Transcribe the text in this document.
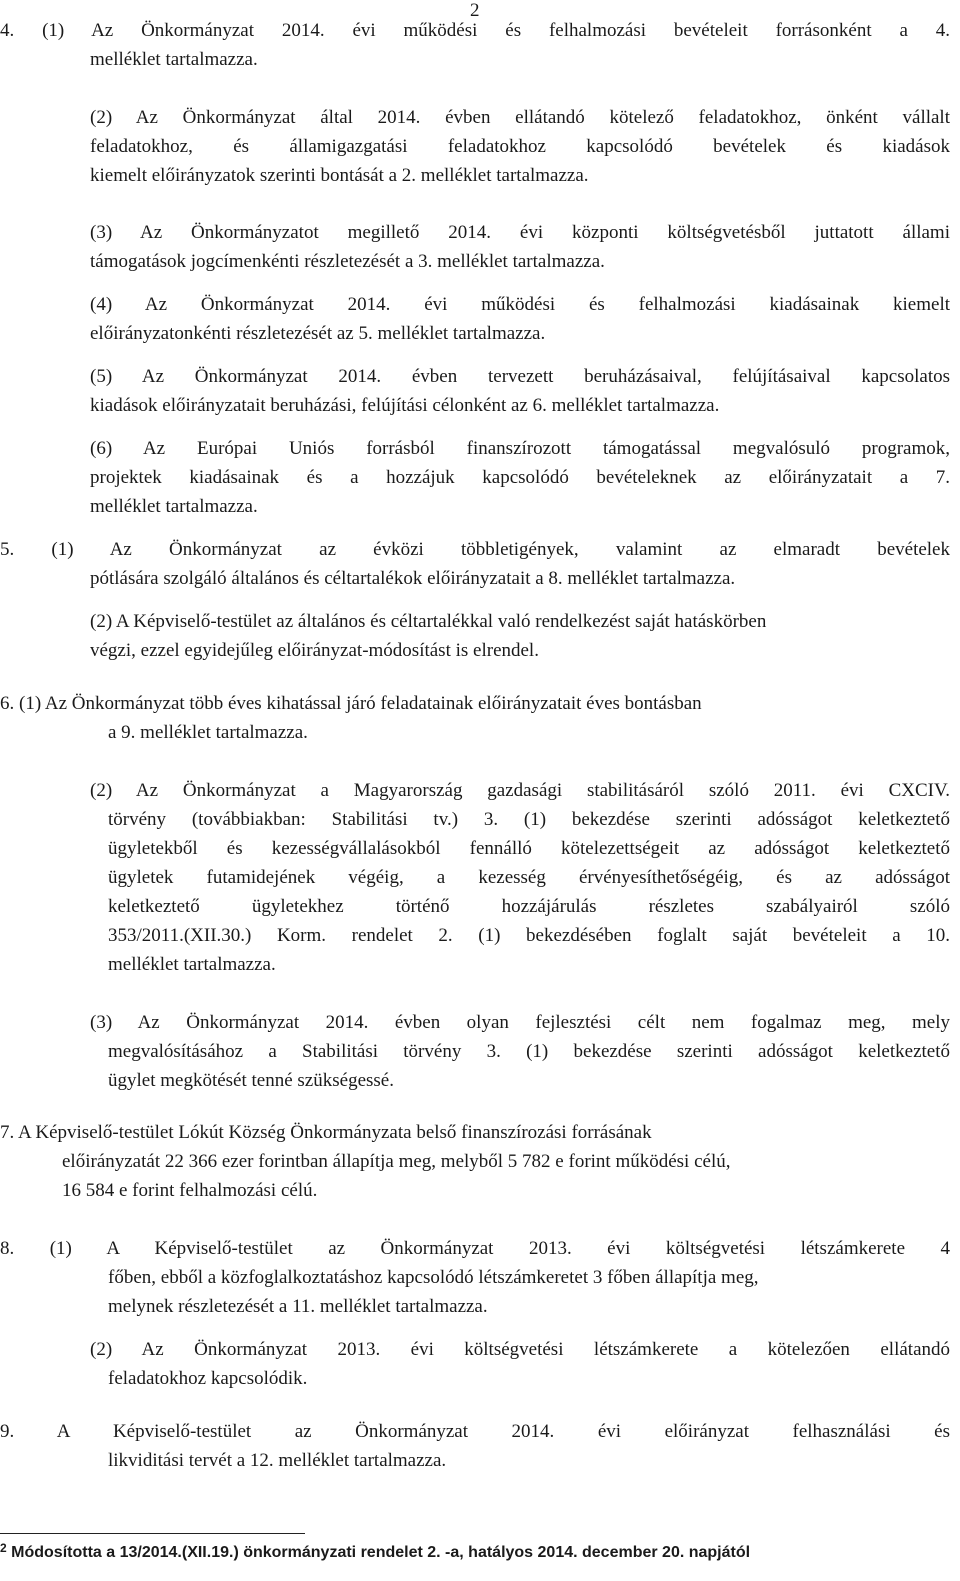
2
4. (1) Az Önkormányzat 2014. évi működési és felhalmozási bevételeit forrásonként a 4.
melléklet tartalmazza.
(2) Az Önkormányzat által 2014. évben ellátandó kötelező feladatokhoz, önként vállalt
feladatokhoz, és államigazgatási feladatokhoz kapcsolódó bevételek és kiadások
kiemelt előirányzatok szerinti bontását a 2. melléklet tartalmazza.
(3) Az Önkormányzatot megillető 2014. évi központi költségvetésből juttatott állami
támogatások jogcímenkénti részletezését a 3. melléklet tartalmazza.
(4) Az Önkormányzat 2014. évi működési és felhalmozási kiadásainak kiemelt
előirányzatonkénti részletezését az 5. melléklet tartalmazza.
(5) Az Önkormányzat 2014. évben tervezett beruházásaival, felújításaival kapcsolatos
kiadások előirányzatait beruházási, felújítási célonként az 6. melléklet tartalmazza.
(6) Az Európai Uniós forrásból finanszírozott támogatással megvalósuló programok,
projektek kiadásainak és a hozzájuk kapcsolódó bevételeknek az előirányzatait a 7.
melléklet tartalmazza.
5. (1) Az Önkormányzat az évközi többletigények, valamint az elmaradt bevételek
pótlására szolgáló általános és céltartalékok előirányzatait a 8. melléklet tartalmazza.
(2) A Képviselő-testület az általános és céltartalékkal való rendelkezést saját hatáskörben
végzi, ezzel egyidejűleg előirányzat-módosítást is elrendel.
6. (1) Az Önkormányzat több éves kihatással járó feladatainak előirányzatait éves bontásban
a 9. melléklet tartalmazza.
(2) Az Önkormányzat a Magyarország gazdasági stabilitásáról szóló 2011. évi CXCIV.
törvény (továbbiakban: Stabilitási tv.) 3. (1) bekezdése szerinti adósságot keletkeztető
ügyletekből és kezességvállalásokból fennálló kötelezettségeit az adósságot keletkeztető
ügyletek futamidejének végéig, a kezesség érvényesíthetőségéig, és az adósságot
keletkeztető ügyletekhez történő hozzájárulás részletes szabályairól szóló
353/2011.(XII.30.) Korm. rendelet 2. (1) bekezdésében foglalt saját bevételeit a 10.
melléklet tartalmazza.
(3) Az Önkormányzat 2014. évben olyan fejlesztési célt nem fogalmaz meg, mely
megvalósításához a Stabilitási törvény 3. (1) bekezdése szerinti adósságot keletkeztető
ügylet megkötését tenné szükségessé.
7. A Képviselő-testület Lókút Község Önkormányzata belső finanszírozási forrásának
előirányzatát 22 366 ezer forintban állapítja meg, melyből 5 782 e forint működési célú,
16 584 e forint felhalmozási célú.
8. (1) A Képviselő-testület az Önkormányzat 2013. évi költségvetési létszámkerete 4
főben, ebből a közfoglalkoztatáshoz kapcsolódó létszámkeretet 3 főben állapítja meg,
melynek részletezését a 11. melléklet tartalmazza.
(2) Az Önkormányzat 2013. évi költségvetési létszámkerete a kötelezően ellátandó
feladatokhoz kapcsolódik.
9. A Képviselő-testület az Önkormányzat 2014. évi előirányzat felhasználási és
likviditási tervét a 12. melléklet tartalmazza.
$^2$ Módosította a 13/2014.(XII.19.) önkormányzati rendelet 2. -a, hatályos 2014. december 20. napjától
